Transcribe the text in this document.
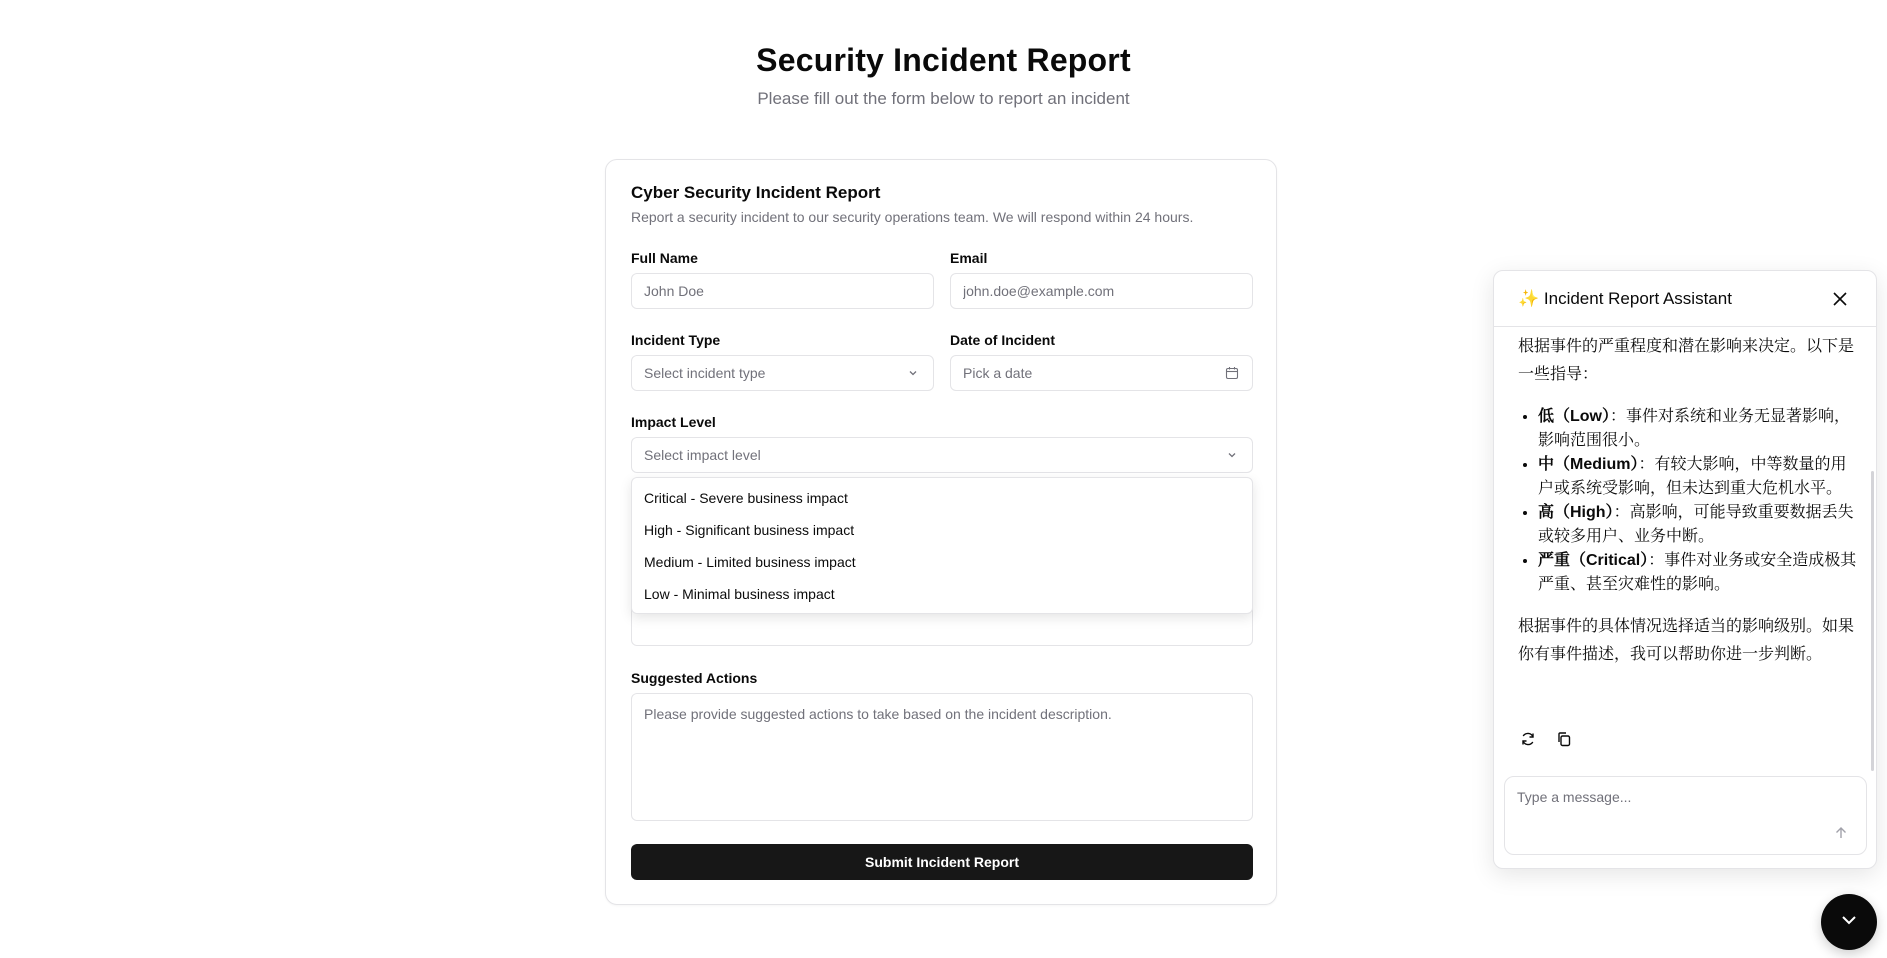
Security Incident Report
Please fill out the form below to report an incident
Cyber Security Incident Report
Report a security incident to our security operations team. We will respond within 24 hours.
Full Name
John Doe	Email
john.doe@example.com
Incident Type
Select incident type
Date of Incident
Pick a date
Impact Level
Select impact level
Critical - Severe business impact
High - Significant business impact
Medium - Limited business impact
Low - Minimal business impact
Suggested Actions
Please provide suggested actions to take based on the incident description.
Submit Incident Report
✨ Incident Report Assistant

根据事件的严重程度和潜在影响来决定。以下是一些指导：

• 低（Low）：事件对系统和业务无显著影响，影响范围很小。
• 中（Medium）：有较大影响，中等数量的用户或系统受影响，但未达到重大危机水平。
• 高（High）：高影响，可能导致重要数据丢失或较多用户、业务中断。
• 严重（Critical）：事件对业务或安全造成极其严重、甚至灾难性的影响。

根据事件的具体情况选择适当的影响级别。如果你有事件描述，我可以帮助你进一步判断。

Type a message...
